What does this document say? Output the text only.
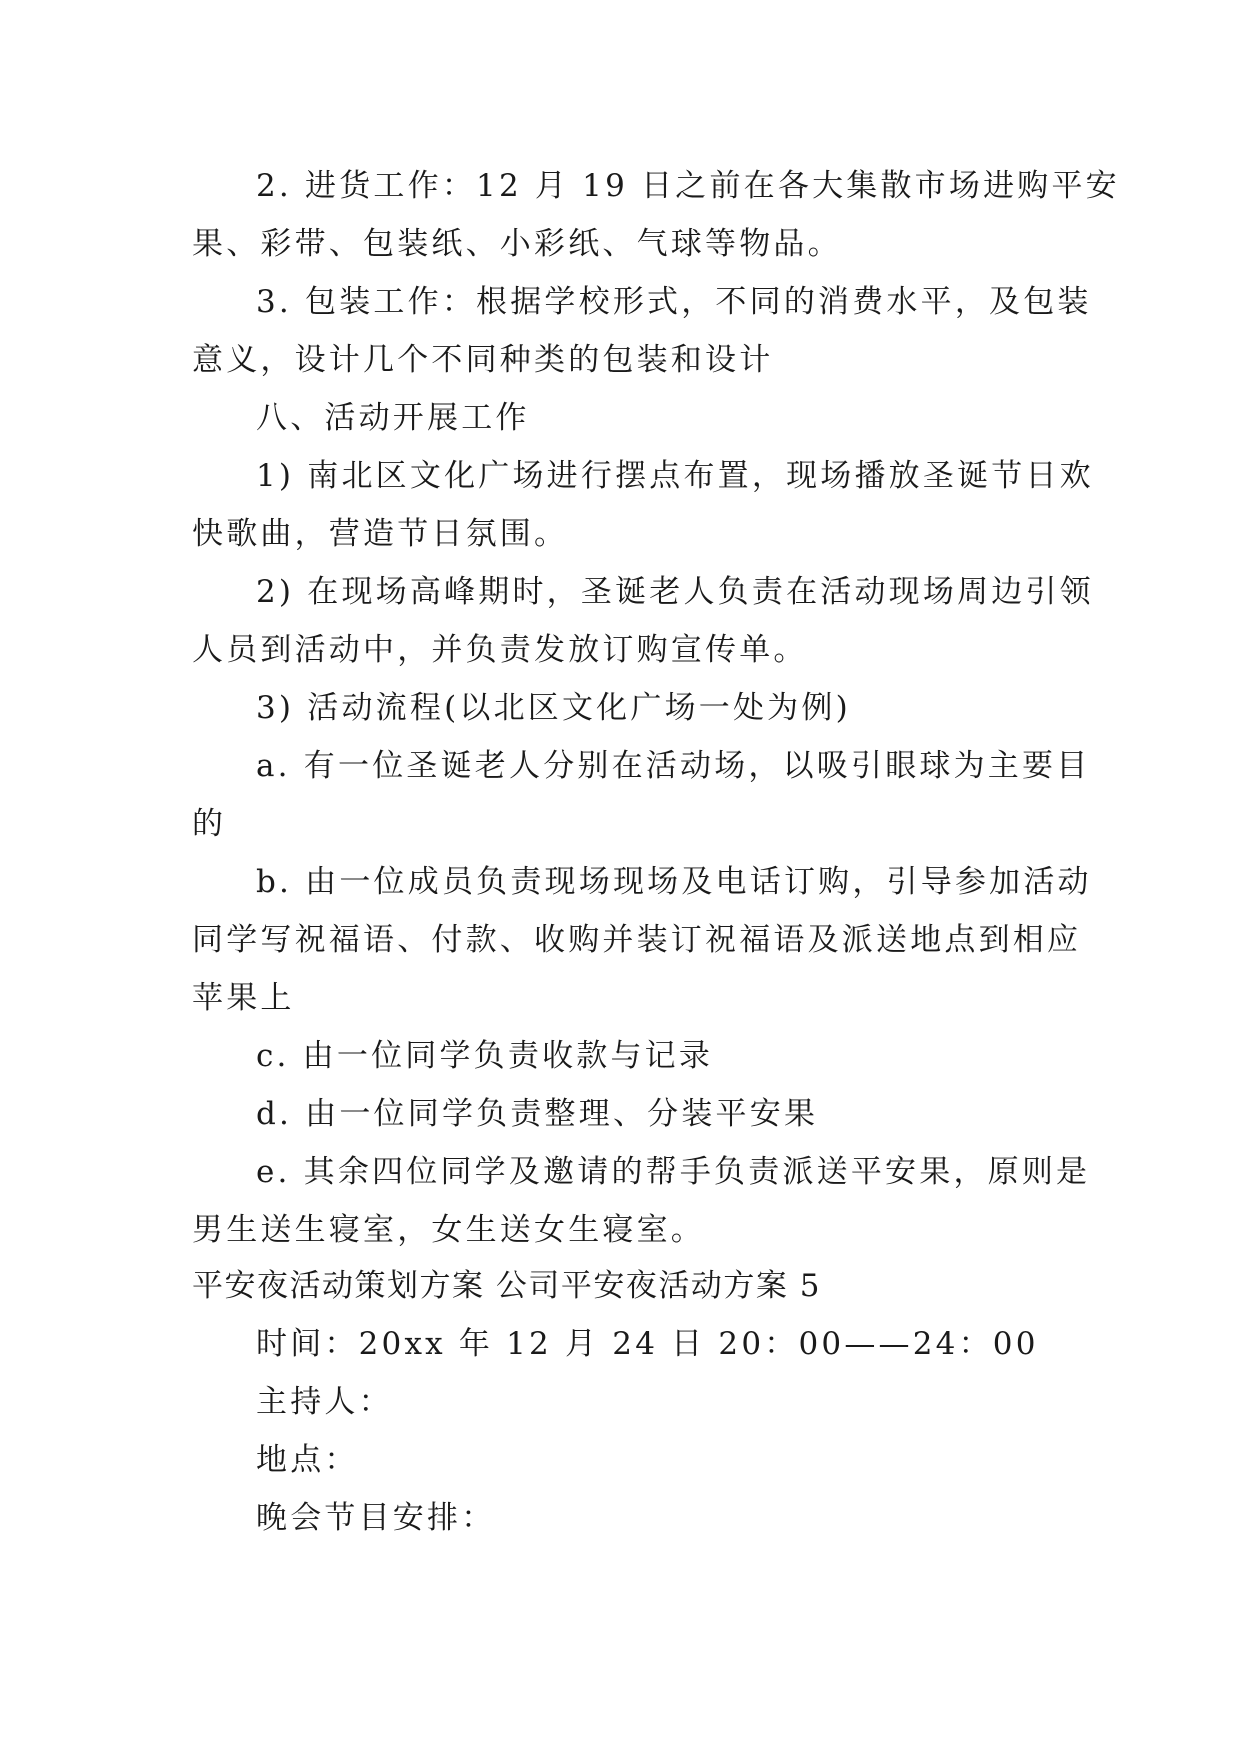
2. 进货工作：12 月 19 日之前在各大集散市场进购平安
果、彩带、包装纸、小彩纸、气球等物品。
3. 包装工作：根据学校形式，不同的消费水平，及包装
意义，设计几个不同种类的包装和设计
八、活动开展工作
1) 南北区文化广场进行摆点布置，现场播放圣诞节日欢
快歌曲，营造节日氛围。
2) 在现场高峰期时，圣诞老人负责在活动现场周边引领
人员到活动中，并负责发放订购宣传单。
3) 活动流程(以北区文化广场一处为例)
a. 有一位圣诞老人分别在活动场，以吸引眼球为主要目
的
b. 由一位成员负责现场现场及电话订购，引导参加活动
同学写祝福语、付款、收购并装订祝福语及派送地点到相应
苹果上
c. 由一位同学负责收款与记录
d. 由一位同学负责整理、分装平安果
e. 其余四位同学及邀请的帮手负责派送平安果，原则是
男生送生寝室，女生送女生寝室。
平安夜活动策划方案 公司平安夜活动方案 5
时间：20xx 年 12 月 24 日 20：00——24：00
主持人：
地点：
晚会节目安排：
